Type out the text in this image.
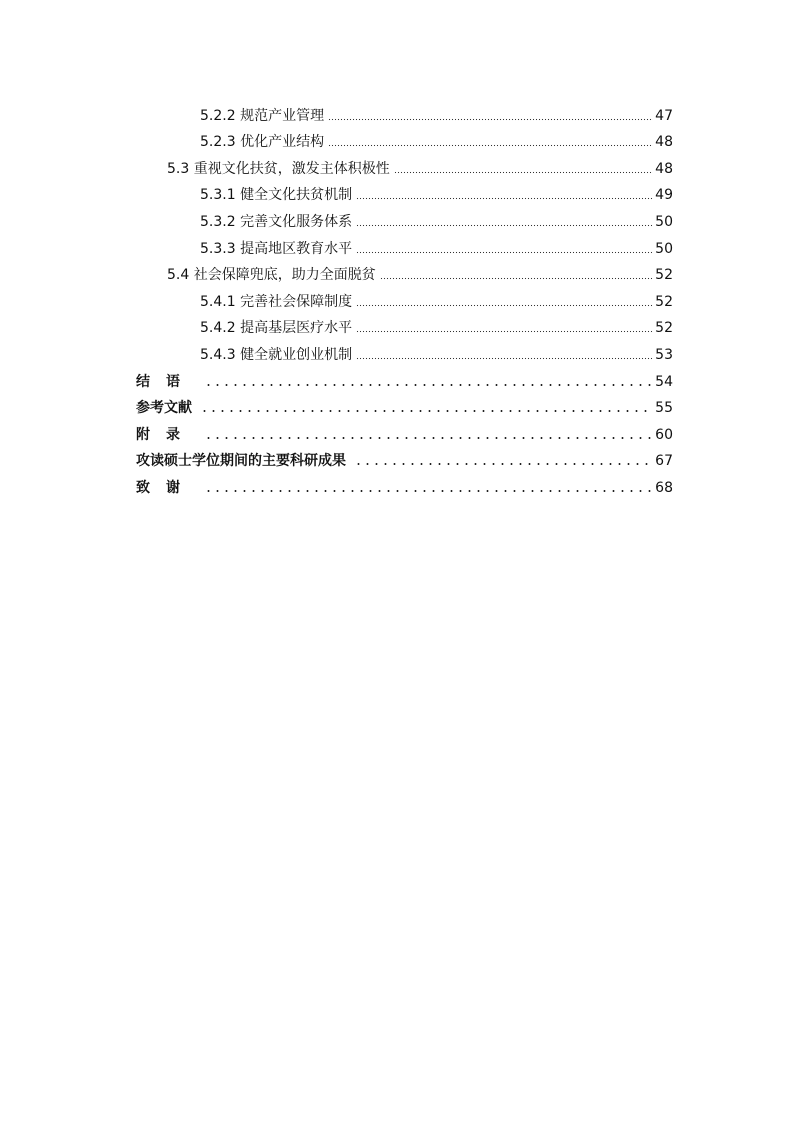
5.2.2 规范产业管理	47
5.2.3 优化产业结构	48
5.3 重视文化扶贫，激发主体积极性	48
5.3.1 健全文化扶贫机制	49
5.3.2 完善文化服务体系	50
5.3.3 提高地区教育水平	50
5.4 社会保障兜底，助力全面脱贫	52
5.4.1 完善社会保障制度	52
5.4.2 提高基层医疗水平	52
5.4.3 健全就业创业机制	53
结语	54
参考文献	55
附录	60
攻读硕士学位期间的主要科研成果	67
致谢	68
